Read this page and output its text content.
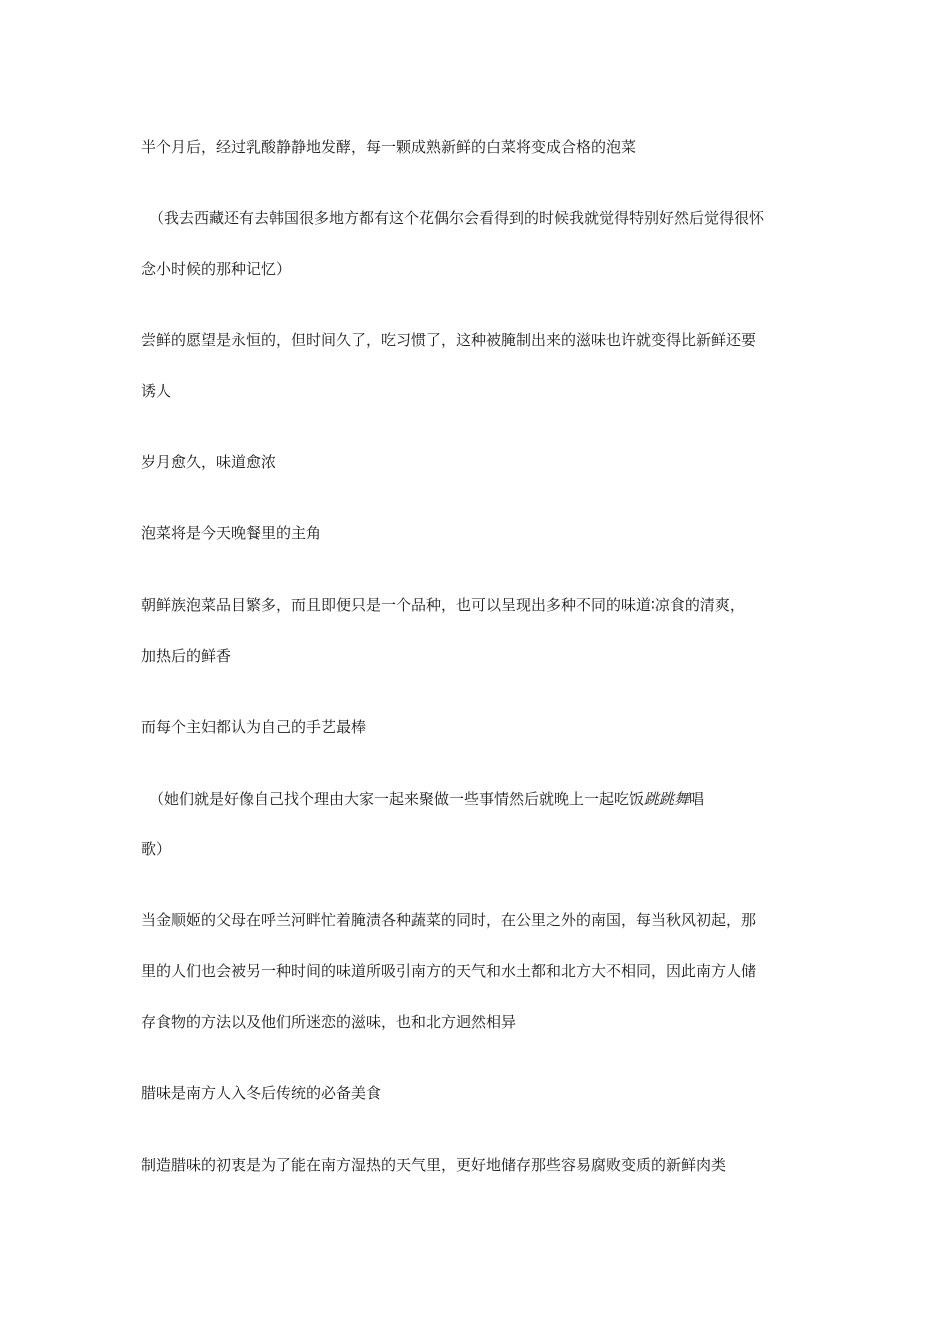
半个月后，经过乳酸静静地发酵，每一颗成熟新鲜的白菜将变成合格的泡菜
（我去西藏还有去韩国很多地方都有这个花偶尔会看得到的时候我就觉得特别好然后觉得很怀
念小时候的那种记忆）
尝鲜的愿望是永恒的，但时间久了，吃习惯了，这种被腌制出来的滋味也许就变得比新鲜还要
诱人
岁月愈久，味道愈浓
泡菜将是今天晚餐里的主角
朝鲜族泡菜品目繁多，而且即便只是一个品种，也可以呈现出多种不同的味道∶凉食的清爽，
加热后的鲜香
而每个主妇都认为自己的手艺最棒
（她们就是好像自己找个理由大家一起来聚做一些事情然后就晚上一起吃饭跳跳舞唱
歌）
当金顺姬的父母在呼兰河畔忙着腌渍各种蔬菜的同时，在公里之外的南国，每当秋风初起，那
里的人们也会被另一种时间的味道所吸引南方的天气和水土都和北方大不相同，因此南方人储
存食物的方法以及他们所迷恋的滋味，也和北方迥然相异
腊味是南方人入冬后传统的必备美食
制造腊味的初衷是为了能在南方湿热的天气里，更好地储存那些容易腐败变质的新鲜肉类
